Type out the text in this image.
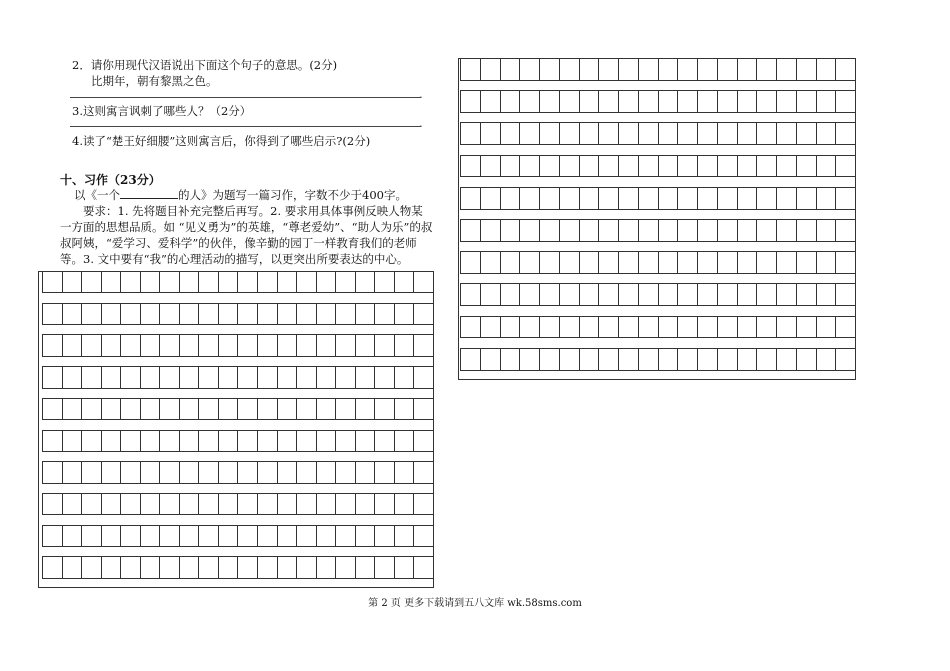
2．请你用现代汉语说出下面这个句子的意思。(2分)
比期年，朝有黎黑之色。
.
3.这则寓言讽刺了哪些人？（2分）
.
4.读了“楚王好细腰”这则寓言后，你得到了哪些启示?(2分)
十、习作（23分）
以《一个	的人》为题写一篇习作，字数不少于400字。
要求：1. 先将题目补充完整后再写。2. 要求用具体事例反映人物某一方面的思想品质。如 “见义勇为”的英雄，“尊老爱幼”、“助人为乐”的叔叔阿姨，“爱学习、爱科学”的伙伴，像辛勤的园丁一样教育我们的老师等。3. 文中要有“我”的心理活动的描写，以更突出所要表达的中心。
第 2 页 更多下载请到五八文库 wk.58sms.com
